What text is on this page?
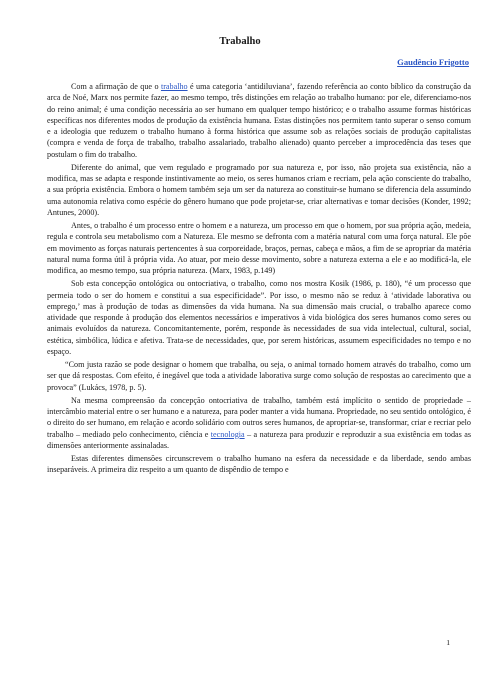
Trabalho
Gaudêncio Frigotto

Com a afirmação de que o trabalho é uma categoria ‘antidiluviana’, fazendo referência ao conto bíblico da construção da arca de Noé, Marx nos permite fazer, ao mesmo tempo, três distinções em relação ao trabalho humano: por ele, diferenciamo-nos do reino animal; é uma condição necessária ao ser humano em qualquer tempo histórico; e o trabalho assume formas históricas específicas nos diferentes modos de produção da existência humana. Estas distinções nos permitem tanto superar o senso comum e a ideologia que reduzem o trabalho humano à forma histórica que assume sob as relações sociais de produção capitalistas (compra e venda de força de trabalho, trabalho assalariado, trabalho alienado) quanto perceber a improcedência das teses que postulam o fim do trabalho.

Diferente do animal, que vem regulado e programado por sua natureza e, por isso, não projeta sua existência, não a modifica, mas se adapta e responde instintivamente ao meio, os seres humanos criam e recriam, pela ação consciente do trabalho, a sua própria existência. Embora o homem também seja um ser da natureza ao constituir-se humano se diferencia dela assumindo uma autonomia relativa como espécie do gênero humano que pode projetar-se, criar alternativas e tomar decisões (Konder, 1992; Antunes, 2000).

Antes, o trabalho é um processo entre o homem e a natureza, um processo em que o homem, por sua própria ação, medeia, regula e controla seu metabolismo com a Natureza. Ele mesmo se defronta com a matéria natural com uma força natural. Ele põe em movimento as forças naturais pertencentes à sua corporeidade, braços, pernas, cabeça e mãos, a fim de se apropriar da matéria natural numa forma útil à própria vida. Ao atuar, por meio desse movimento, sobre a natureza externa a ele e ao modificá-la, ele modifica, ao mesmo tempo, sua própria natureza. (Marx, 1983, p.149)

Sob esta concepção ontológica ou ontocriativa, o trabalho, como nos mostra Kosik (1986, p. 180), “é um processo que permeia todo o ser do homem e constitui a sua especificidade”. Por isso, o mesmo não se reduz à ‘atividade laborativa ou emprego,’ mas à produção de todas as dimensões da vida humana. Na sua dimensão mais crucial, o trabalho aparece como atividade que responde à produção dos elementos necessários e imperativos à vida biológica dos seres humanos como seres ou animais evoluídos da natureza. Concomitantemente, porém, responde às necessidades de sua vida intelectual, cultural, social, estética, simbólica, lúdica e afetiva. Trata-se de necessidades, que, por serem históricas, assumem especificidades no tempo e no espaço.

“Com justa razão se pode designar o homem que trabalha, ou seja, o animal tornado homem através do trabalho, como um ser que dá respostas. Com efeito, é inegável que toda a atividade laborativa surge como solução de respostas ao carecimento que a provoca” (Lukács, 1978, p. 5).

Na mesma compreensão da concepção ontocriativa de trabalho, também está implícito o sentido de propriedade – intercâmbio material entre o ser humano e a natureza, para poder manter a vida humana. Propriedade, no seu sentido ontológico, é o direito do ser humano, em relação e acordo solidário com outros seres humanos, de apropriar-se, transformar, criar e recriar pelo trabalho – mediado pelo conhecimento, ciência e tecnologia – a natureza para produzir e reproduzir a sua existência em todas as dimensões anteriormente assinaladas.

Estas diferentes dimensões circunscrevem o trabalho humano na esfera da necessidade e da liberdade, sendo ambas inseparáveis. A primeira diz respeito a um quanto de dispêndio de tempo e

1
